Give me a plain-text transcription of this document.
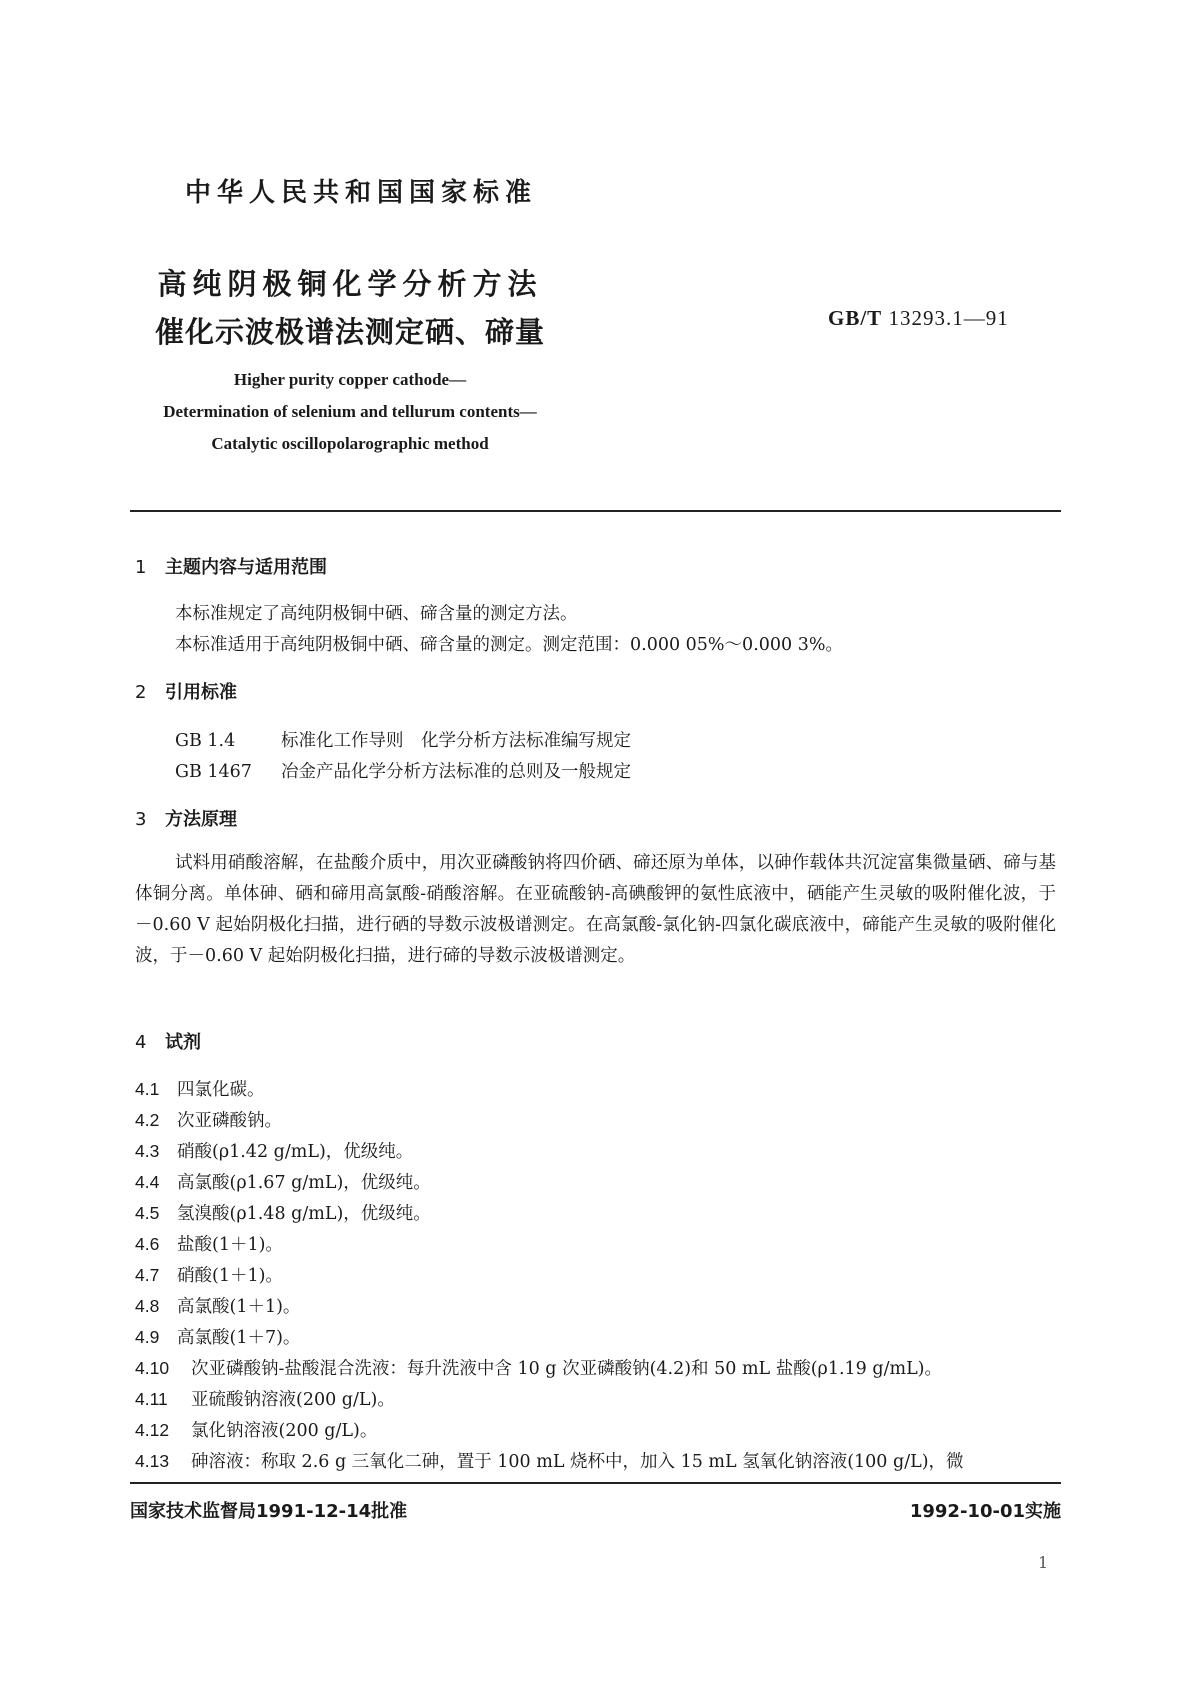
中华人民共和国国家标准
高纯阴极铜化学分析方法
催化示波极谱法测定硒、碲量	GB/T 13293.1—91
Higher purity copper cathode—
Determination of selenium and tellurum contents—
Catalytic oscillopolarographic method
1 主题内容与适用范围
本标准规定了高纯阴极铜中硒、碲含量的测定方法。
本标准适用于高纯阴极铜中硒、碲含量的测定。测定范围：0.000 05%～0.000 3%。
2 引用标准
GB 1.4	标准化工作导则　化学分析方法标准编写规定
GB 1467 冶金产品化学分析方法标准的总则及一般规定
3 方法原理
试料用硝酸溶解，在盐酸介质中，用次亚磷酸钠将四价硒、碲还原为单体，以砷作载体共沉淀富集微量硒、碲与基体铜分离。单体砷、硒和碲用高氯酸-硝酸溶解。在亚硫酸钠-高碘酸钾的氨性底液中，硒能产生灵敏的吸附催化波，于－0.60 V 起始阴极化扫描，进行硒的导数示波极谱测定。在高氯酸-氯化钠-四氯化碳底液中，碲能产生灵敏的吸附催化波，于－0.60 V 起始阴极化扫描，进行碲的导数示波极谱测定。
4 试剂
4.1 四氯化碳。
4.2 次亚磷酸钠。
4.3 硝酸(ρ1.42 g/mL)，优级纯。
4.4 高氯酸(ρ1.67 g/mL)，优级纯。
4.5 氢溴酸(ρ1.48 g/mL)，优级纯。
4.6 盐酸(1＋1)。
4.7 硝酸(1＋1)。
4.8 高氯酸(1＋1)。
4.9 高氯酸(1＋7)。
4.10 次亚磷酸钠-盐酸混合洗液：每升洗液中含 10 g 次亚磷酸钠(4.2)和 50 mL 盐酸(ρ1.19 g/mL)。
4.11 亚硫酸钠溶液(200 g/L)。
4.12 氯化钠溶液(200 g/L)。
4.13 砷溶液：称取 2.6 g 三氧化二砷，置于 100 mL 烧杯中，加入 15 mL 氢氧化钠溶液(100 g/L)，微
国家技术监督局1991-12-14批准	1992-10-01实施
1
